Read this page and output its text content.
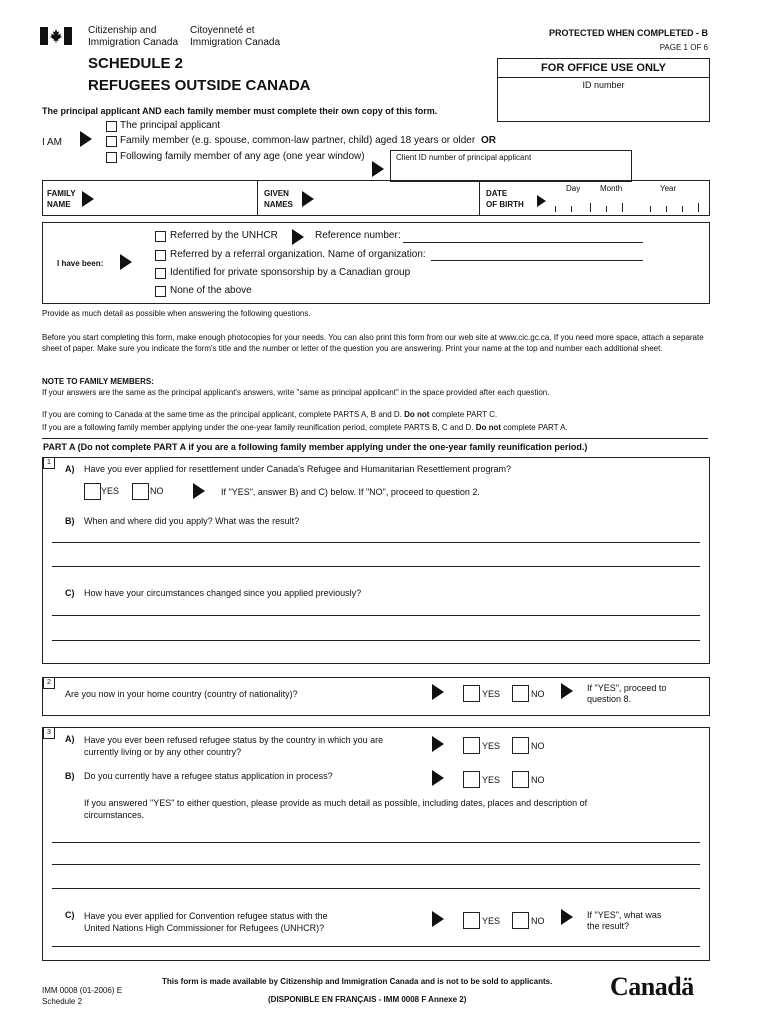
Citizenship and
Immigration Canada
Citoyenneté et
Immigration Canada
PROTECTED WHEN COMPLETED - B
PAGE 1 OF 6
SCHEDULE 2
REFUGEES OUTSIDE CANADA
FOR OFFICE USE ONLY
ID number
The principal applicant AND each family member must complete their own copy of this form.
I AM
The principal applicant
Family member (e.g. spouse, common-law partner, child) aged 18 years or older OR
Following family member of any age (one year window)	Client ID number of principal applicant
FAMILY
NAME
GIVEN
NAMES
DATE
OF BIRTH
Day Month	Year
I have been:
Referred by the UNHCR	Reference number:
Referred by a referral organization. Name of organization:
Identified for private sponsorship by a Canadian group
None of the above
Provide as much detail as possible when answering the following questions.
Before you start completing this form, make enough photocopies for your needs. You can also print this form from our web site at www.cic.gc.ca. If you need more space, attach a separate sheet of paper. Make sure you indicate the form's title and the number or letter of the question you are answering. Print your name at the top and number each additional sheet.
NOTE TO FAMILY MEMBERS:
If your answers are the same as the principal applicant's answers, write "same as principal applicant" in the space provided after each question.
If you are coming to Canada at the same time as the principal applicant, complete PARTS A, B and D. Do not complete PART C.
If you are a following family member applying under the one-year family reunification period, complete PARTS B, C and D. Do not complete PART A.
PART A (Do not complete PART A if you are a following family member applying under the one-year family reunification period.)
1
A) Have you ever applied for resettlement under Canada's Refugee and Humanitarian Resettlement program?
YES	NO	If "YES", answer B) and C) below. If "NO", proceed to question 2.
B) When and where did you apply? What was the result?
C) How have your circumstances changed since you applied previously?
2
Are you now in your home country (country of nationality)?	YES	NO
If "YES", proceed to
question 8.
3
A) Have you ever been refused refugee status by the country in which you are
currently living or by any other country?
YES	NO
B) Do you currently have a refugee status application in process?	YES	NO
If you answered "YES" to either question, please provide as much detail as possible, including dates, places and description of
circumstances.
C) Have you ever applied for Convention refugee status with the
United Nations High Commissioner for Refugees (UNHCR)?
YES	NO
If "YES", what was
the result?
IMM 0008 (01-2006) E
Schedule 2
This form is made available by Citizenship and Immigration Canada and is not to be sold to applicants.
(DISPONIBLE EN FRANÇAIS - IMM 0008 F Annexe 2)	Canadä
